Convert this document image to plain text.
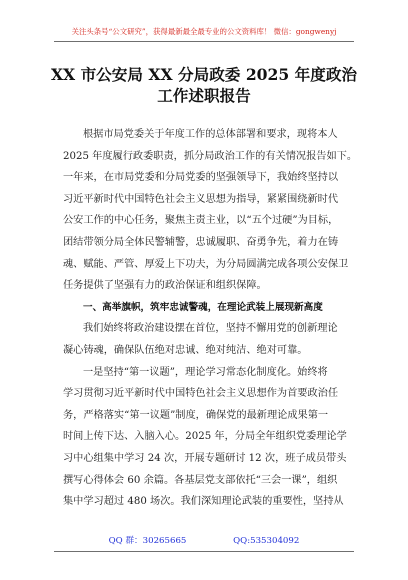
关注头条号“公文研究”，获得最新最全最专业的公文资料库！ 微信：gongwenyj
XX 市公安局 XX 分局政委 2025 年度政治
工作述职报告
根据市局党委关于年度工作的总体部署和要求，现将本人
2025 年度履行政委职责，抓分局政治工作的有关情况报告如下。
一年来，在市局党委和分局党委的坚强领导下，我始终坚持以
习近平新时代中国特色社会主义思想为指导，紧紧围绕新时代
公安工作的中心任务，聚焦主责主业，以“五个过硬”为目标，
团结带领分局全体民警辅警，忠诚履职、奋勇争先，着力在铸
魂、赋能、严管、厚爱上下功夫，为分局圆满完成各项公安保卫
任务提供了坚强有力的政治保证和组织保障。
一、高举旗帜，筑牢忠诚警魂，在理论武装上展现新高度
我们始终将政治建设摆在首位，坚持不懈用党的创新理论
凝心铸魂，确保队伍绝对忠诚、绝对纯洁、绝对可靠。
一是坚持“第一议题”，理论学习常态化制度化。始终将
学习贯彻习近平新时代中国特色社会主义思想作为首要政治任
务，严格落实“第一议题”制度，确保党的最新理论成果第一
时间上传下达、入脑入心。2025 年，分局全年组织党委理论学
习中心组集中学习 24 次，开展专题研讨 12 次，班子成员带头
撰写心得体会 60 余篇。各基层党支部依托“三会一课”，组织
集中学习超过 480 场次。我们深知理论武装的重要性，坚持从
QQ 群：30265665	QQ:535304092
